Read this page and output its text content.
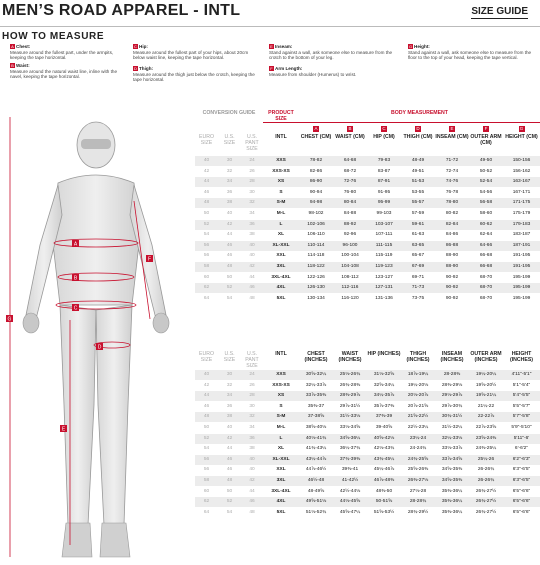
MEN’S ROAD APPAREL - INTL	SIZE GUIDE
HOW TO MEASURE
A Chest:
Measure around the fullest part, under the armpits, keeping the tape horizontal.
B Waist:
Measure around the natural waist line, inline with the navel, keeping the tape horizontal.
C Hip:
Measure around the fullest part of your hips, about 20cm below waist line, keeping the tape horizontal.
D Thigh:
Measure around the thigh just below the crotch, keeping the tape horizontal.
E Inseam:
Stand against a wall, ask someone else to measure from the crotch to the bottom of your leg.
F Arm Length:
Measure from shoulder (Humerus) to wrist.
G Height:
Stand against a wall, ask someone else to measure from the floor to the top of your head, keeping the tape vertical.
A
B
C
D
E
F
G
CONVERSION GUIDE	PRODUCT SIZE
BODY MEASUREMENT
EURO SIZE
U.S. SIZE
U.S. PANT SIZE
INTL
A
CHEST (CM)
B
WAIST (CM)
C
HIP (CM)
D
THIGH (CM)
E
INSEAM (CM)
F
OUTER ARM (CM)
G
HEIGHT (CM)
40	30	24	XXS	78-82	64-68	79-83	48-49	71-72	49-50	150-156
42	32	26	XXS-XS	82-86	68-72	83-87	49-51	72-74	50-52	156-162
44	34	28	XS	86-90	72-76	87-91	51-53	74-76	52-54	163-167
46	36	30	S	90-94	76-80	91-95	53-55	76-78	54-56	167-171
48	38	32	S-M	94-98	80-84	95-99	55-57	78-80	56-58	171-175
50	40	34	M-L	98-102	84-88	99-103	57-59	80-82	58-60	175-179
52	42	36	L	102-106	88-92	103-107	59-61	82-84	60-62	179-183
54	44	38	XL	106-110	92-96	107-111	61-63	84-86	62-64	183-187
56	46	40	XL-XXL	110-114	96-100	111-115	63-65	86-88	64-66	187-191
56	46	40	XXL	114-118	100-104	115-119	65-67	88-90	66-68	191-195
58	48	42	3XL	118-122	104-108	119-123	67-69	88-90	66-68	191-195
60	50	44	3XL-4XL	122-126	108-112	123-127	69-71	90-92	68-70	195-199
62	52	46	4XL	126-130	112-116	127-131	71-73	90-92	68-70	195-199
64	54	48	5XL	130-134	116-120	131-136	73-75	90-92	68-70	195-199
EURO SIZE
U.S. SIZE
U.S. PANT SIZE
INTL	CHEST (INCHES)
WAIST (INCHES)
HIP (INCHES)	THIGH (INCHES)
INSEAM (INCHES)
OUTER ARM (INCHES)
HEIGHT (INCHES)
40	30	24	XXS	30⅝-32¼	25⅛-26¾	31⅛-32⅝	18⅞-19¼	28-28⅜	19¼-20¼	4'11"-5'1"
42	32	26	XXS-XS	32¼-33⅞	26¾-28⅜	32⅝-34¼	19¼-20⅛	28⅜-29⅛	19⅝-20½	5'1"-5'4"
44	34	28	XS	33⅞-35⅜	28⅜-29⅞	34¼-35⅞	20⅛-20⅞	29⅛-29⅞	19⅝-21¼	5'4"-5'5"
46	36	30	S	35⅜-37	29⅞-31½	35⅞-37⅜	20⅞-21⅝	29⅞-30¾	21¼-22	5'5"-5'7"
48	38	32	S-M	37-38⅝	31½-33⅛	37⅜-39	21⅝-22½	30¾-31½	22-22⅞	5'7"-5'8"
50	40	34	M-L	38⅝-40⅛	33⅛-34⅝	39-40⅝	22½-23¼	31½-32¼	22⅞-23⅝	5'9"-5'10"
52	42	36	L	40⅛-41¾	34⅝-36¼	40⅝-42⅛	23¼-24	32¼-33⅛	23⅝-24⅜	5'11"-6'
54	44	38	XL	41¾-43¼	36¼-37¾	42⅛-43¾	24-24¾	33⅛-33⅞	24⅜-25¼	6'-6'2"
56	46	40	XL-XXL	43¼-44⅞	37¾-39⅜	43¾-45¼	24¾-25⅝	33⅞-34⅝	25¼-26	6'2"-6'3"
56	46	40	XXL	44⅞-46½	39⅜-41	45¼-46⅞	25⅝-26⅜	34⅝-35⅜	26-26¾	6'3"-6'5"
58	48	42	3XL	46½-48	41-42½	46⅞-48⅜	26⅜-27⅛	34⅝-35⅜	26-26¾	6'3"-6'5"
60	50	44	3XL-4XL	48-49⅝	42½-44⅛	48⅜-50	27⅛-28	35⅜-36¼	26¾-27½	6'5"-6'6"
62	52	46	4XL	49⅝-51⅛	44⅛-45⅝	50-51⅝	28-28¾	35⅜-36¼	26¾-27½	6'5"-6'6"
64	54	48	5XL	51⅛-52¾	45⅝-47¼	51⅝-53½	28¾-29½	35⅜-36¼	26¾-27½	6'5"-6'6"
